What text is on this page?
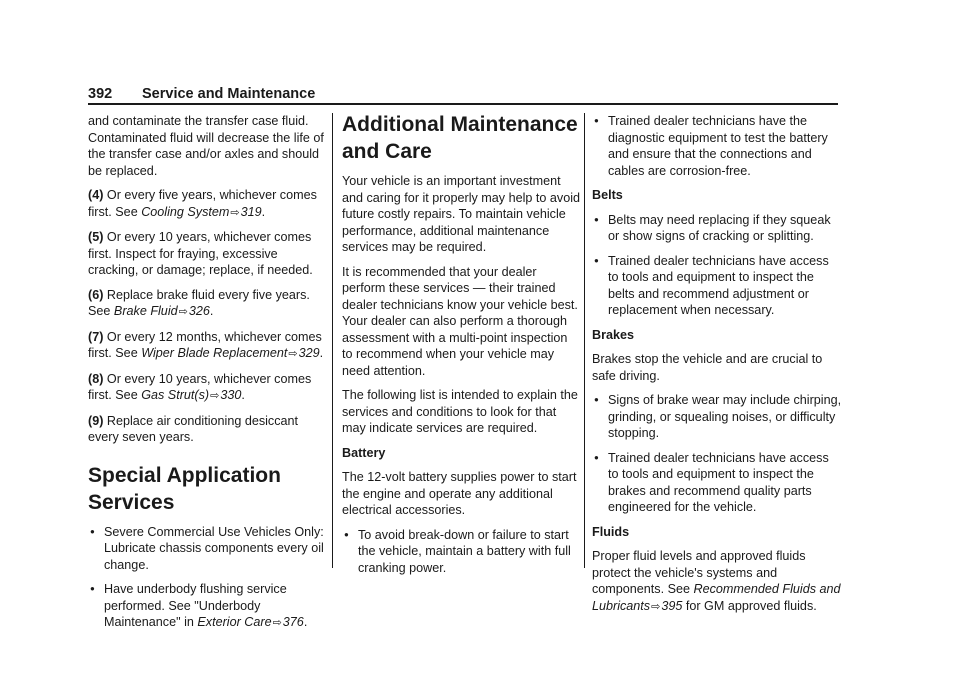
392 Service and Maintenance

and contaminate the transfer case fluid. Contaminated fluid will decrease the life of the transfer case and/or axles and should be replaced.

(4) Or every five years, whichever comes first. See Cooling System⇨319.

(5) Or every 10 years, whichever comes first. Inspect for fraying, excessive cracking, or damage; replace, if needed.

(6) Replace brake fluid every five years. See Brake Fluid⇨326.

(7) Or every 12 months, whichever comes first. See Wiper Blade Replacement⇨329.

(8) Or every 10 years, whichever comes first. See Gas Strut(s)⇨330.

(9) Replace air conditioning desiccant every seven years.

Special Application Services
● Severe Commercial Use Vehicles Only: Lubricate chassis components every oil change.
● Have underbody flushing service performed. See "Underbody Maintenance" in Exterior Care⇨376.
Additional Maintenance and Care

Your vehicle is an important investment and caring for it properly may help to avoid future costly repairs. To maintain vehicle performance, additional maintenance services may be required.

It is recommended that your dealer perform these services — their trained dealer technicians know your vehicle best. Your dealer can also perform a thorough assessment with a multi-point inspection to recommend when your vehicle may need attention.

The following list is intended to explain the services and conditions to look for that may indicate services are required.

Battery

The 12-volt battery supplies power to start the engine and operate any additional electrical accessories.

● To avoid break-down or failure to start the vehicle, maintain a battery with full cranking power.
● Trained dealer technicians have the diagnostic equipment to test the battery and ensure that the connections and cables are corrosion-free.
Belts
● Belts may need replacing if they squeak or show signs of cracking or splitting.
● Trained dealer technicians have access to tools and equipment to inspect the belts and recommend adjustment or replacement when necessary.
Brakes

Brakes stop the vehicle and are crucial to safe driving.

● Signs of brake wear may include chirping, grinding, or squealing noises, or difficulty stopping.
● Trained dealer technicians have access to tools and equipment to inspect the brakes and recommend quality parts engineered for the vehicle.
Fluids

Proper fluid levels and approved fluids protect the vehicle's systems and components. See Recommended Fluids and Lubricants⇨395 for GM approved fluids.
